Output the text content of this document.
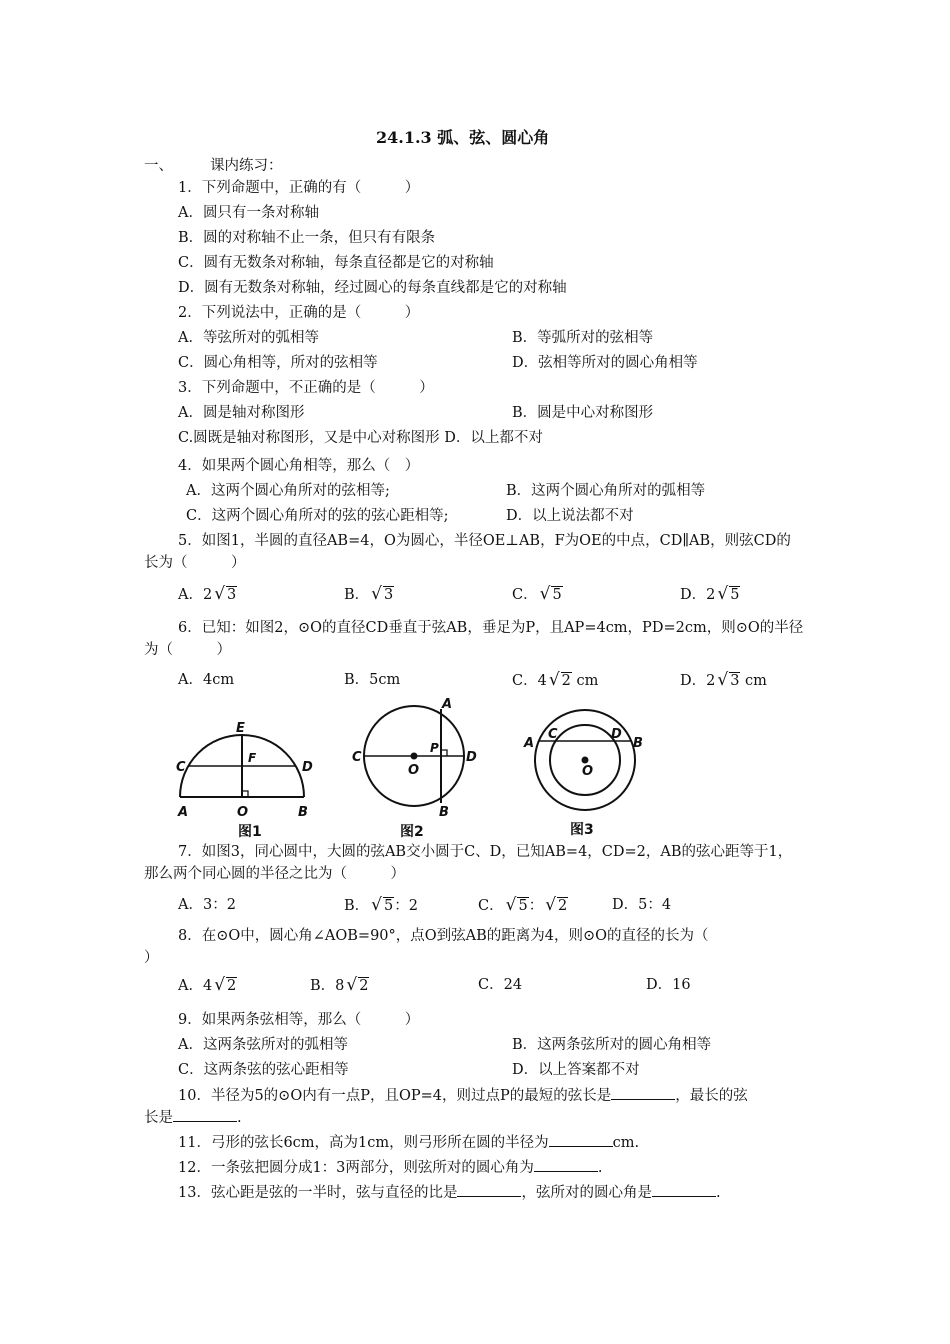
24.1.3 弧、弦、圆心角
一、	课内练习：
1．下列命题中，正确的有（　　　）
A．圆只有一条对称轴
B．圆的对称轴不止一条，但只有有限条
C．圆有无数条对称轴，每条直径都是它的对称轴
D．圆有无数条对称轴，经过圆心的每条直线都是它的对称轴
2．下列说法中，正确的是（　　　）
A．等弦所对的弧相等	B．等弧所对的弦相等
C．圆心角相等，所对的弦相等	D．弦相等所对的圆心角相等
3．下列命题中，不正确的是（　　　）
A．圆是轴对称图形	B．圆是中心对称图形
C.圆既是轴对称图形，又是中心对称图形 D．以上都不对
4．如果两个圆心角相等，那么（　）
A．这两个圆心角所对的弦相等;	B．这两个圆心角所对的弧相等
C．这两个圆心角所对的弦的弦心距相等;	D．以上说法都不对
5．如图1，半圆的直径AB=4，O为圆心，半径OE⊥AB，F为OE的中点，CD∥AB，则弦CD的
长为（　　　）
A．2 √ 3	B． √ 3	C． √ 5	D．2 √ 5
6．已知：如图2，⊙O的直径CD垂直于弦AB，垂足为P，且AP=4cm，PD=2cm，则⊙O的半径
为（　　　）
A．4cm	B．5cm	C．4 √ 2 cm	D．2 √ 3 cm
E
F
C	D
A	O	B
图1
A
C
P
D
O
B
图2
A
C	D
B
O
图3
7．如图3，同心圆中，大圆的弦AB交小圆于C、D，已知AB=4，CD=2，AB的弦心距等于1，
那么两个同心圆的半径之比为（　　　）
A．3：2	B． √ 5：2	C． √ 5： √ 2	D．5：4
8．在⊙O中，圆心角∠AOB=90°，点O到弦AB的距离为4，则⊙O的直径的长为（
）
A．4 √ 2	B．8 √ 2	C．24	D．16
9．如果两条弦相等，那么（　　　）
A．这两条弦所对的弧相等	B．这两条弦所对的圆心角相等
C．这两条弦的弦心距相等	D．以上答案都不对
10．半径为5的⊙O内有一点P，且OP=4，则过点P的最短的弦长是	，最长的弦
长是	.
11．弓形的弦长6cm，高为1cm，则弓形所在圆的半径为	cm.
12．一条弦把圆分成1：3两部分，则弦所对的圆心角为	.
13．弦心距是弦的一半时，弦与直径的比是	，弦所对的圆心角是	.
